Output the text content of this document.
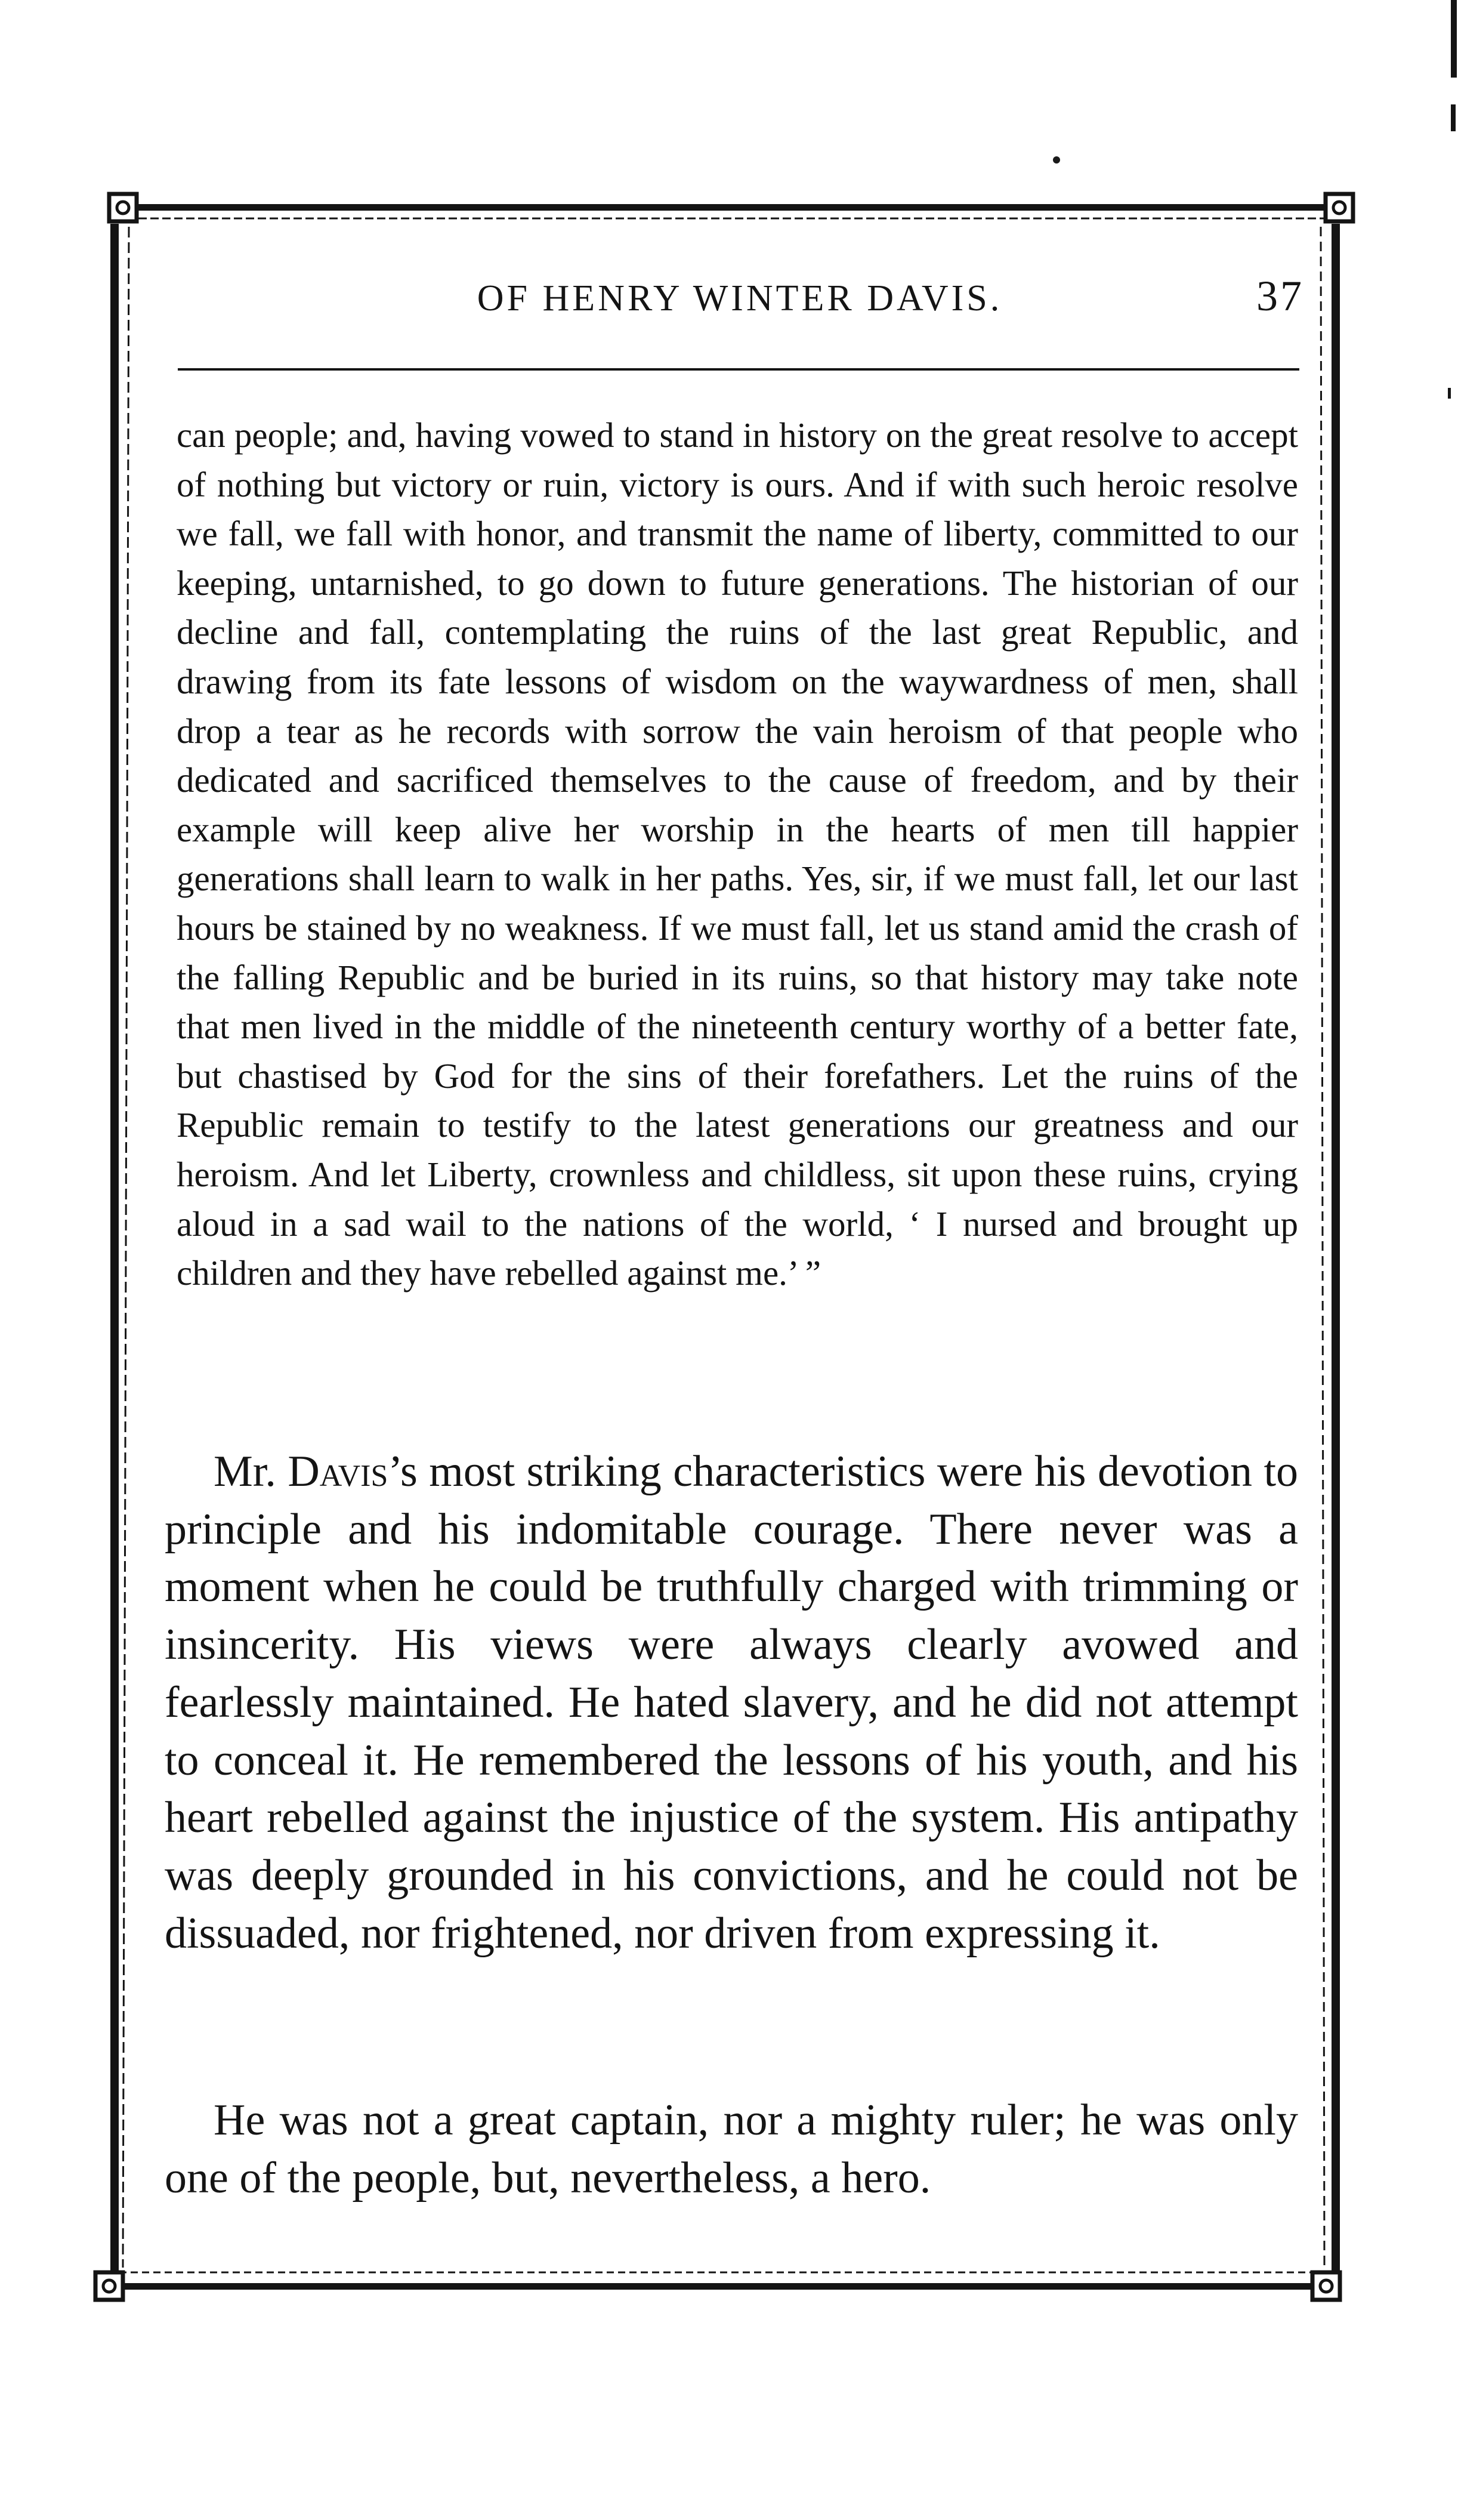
OF HENRY WINTER DAVIS.	37

can people; and, having vowed to stand in history on the great resolve to accept of nothing but victory or ruin, victory is ours. And if with such heroic resolve we fall, we fall with honor, and transmit the name of liberty, committed to our keeping, untarnished, to go down to future generations. The historian of our decline and fall, contemplating the ruins of the last great Republic, and drawing from its fate lessons of wisdom on the waywardness of men, shall drop a tear as he records with sorrow the vain heroism of that people who dedicated and sacrificed themselves to the cause of freedom, and by their example will keep alive her worship in the hearts of men till happier generations shall learn to walk in her paths. Yes, sir, if we must fall, let our last hours be stained by no weakness. If we must fall, let us stand amid the crash of the falling Republic and be buried in its ruins, so that history may take note that men lived in the middle of the nineteenth century worthy of a better fate, but chastised by God for the sins of their forefathers. Let the ruins of the Republic remain to testify to the latest generations our greatness and our heroism. And let Liberty, crownless and childless, sit upon these ruins, crying aloud in a sad wail to the nations of the world, ‘ I nursed and brought up children and they have rebelled against me.’ ”

Mr. Davis’s most striking characteristics were his devotion to principle and his indomitable courage. There never was a moment when he could be truthfully charged with trimming or insincerity. His views were always clearly avowed and fearlessly maintained. He hated slavery, and he did not attempt to conceal it. He remembered the lessons of his youth, and his heart rebelled against the injustice of the system. His antipathy was deeply grounded in his convictions, and he could not be dissuaded, nor frightened, nor driven from expressing it.

He was not a great captain, nor a mighty ruler; he was only one of the people, but, nevertheless, a hero.
